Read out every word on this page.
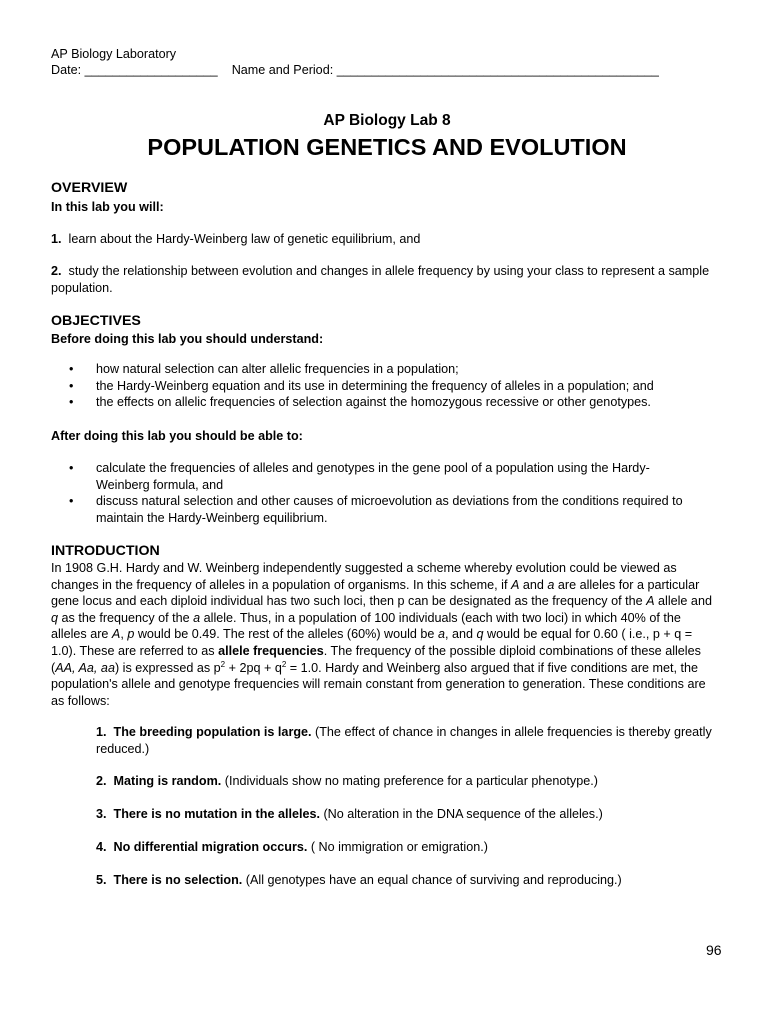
AP Biology Laboratory
Date: ___________________ Name and Period: ______________________________________________
AP Biology Lab 8
POPULATION GENETICS AND EVOLUTION
OVERVIEW
In this lab you will:
1. learn about the Hardy-Weinberg law of genetic equilibrium, and
2. study the relationship between evolution and changes in allele frequency by using your class to represent a sample population.
OBJECTIVES
Before doing this lab you should understand:
• how natural selection can alter allelic frequencies in a population;
• the Hardy-Weinberg equation and its use in determining the frequency of alleles in a population; and
• the effects on allelic frequencies of selection against the homozygous recessive or other genotypes.
After doing this lab you should be able to:
• calculate the frequencies of alleles and genotypes in the gene pool of a population using the Hardy-Weinberg formula, and
• discuss natural selection and other causes of microevolution as deviations from the conditions required to maintain the Hardy-Weinberg equilibrium.
INTRODUCTION
In 1908 G.H. Hardy and W. Weinberg independently suggested a scheme whereby evolution could be viewed as changes in the frequency of alleles in a population of organisms. In this scheme, if A and a are alleles for a particular gene locus and each diploid individual has two such loci, then p can be designated as the frequency of the A allele and q as the frequency of the a allele. Thus, in a population of 100 individuals (each with two loci) in which 40% of the alleles are A, p would be 0.49. The rest of the alleles (60%) would be a, and q would be equal for 0.60 ( i.e., p + q = 1.0). These are referred to as allele frequencies. The frequency of the possible diploid combinations of these alleles (AA, Aa, aa) is expressed as $p^2 + 2pq + q^2 = 1.0$. Hardy and Weinberg also argued that if five conditions are met, the population's allele and genotype frequencies will remain constant from generation to generation. These conditions are as follows:
1. The breeding population is large. (The effect of chance in changes in allele frequencies is thereby greatly reduced.)
2. Mating is random. (Individuals show no mating preference for a particular phenotype.)
3. There is no mutation in the alleles. (No alteration in the DNA sequence of the alleles.)
4. No differential migration occurs. ( No immigration or emigration.)
5. There is no selection. (All genotypes have an equal chance of surviving and reproducing.)
96
